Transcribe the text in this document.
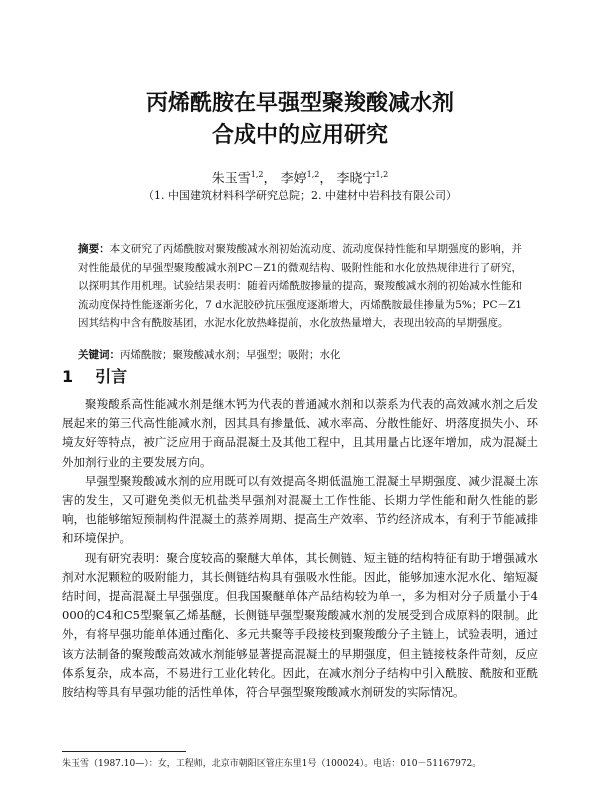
丙烯酰胺在早强型聚羧酸减水剂
合成中的应用研究
朱玉雪$^{1,2}$， 李婷$^{1,2}$， 李晓宁$^{1,2}$
（1. 中国建筑材料科学研究总院；2. 中建材中岩科技有限公司）
摘要：本文研究了丙烯酰胺对聚羧酸减水剂初始流动度、流动度保持性能和早期强度的影响，并对性能最优的早强型聚羧酸减水剂PC－Z1的微观结构、吸附性能和水化放热规律进行了研究，以探明其作用机理。试验结果表明：随着丙烯酰胺掺量的提高，聚羧酸减水剂的初始减水性能和流动度保持性能逐渐劣化，7 d水泥胶砂抗压强度逐渐增大，丙烯酰胺最佳掺量为5%；PC－Z1因其结构中含有酰胺基团，水泥水化放热峰提前，水化放热量增大，表现出较高的早期强度。
关键词：丙烯酰胺；聚羧酸减水剂；早强型；吸附；水化
1 引言

聚羧酸系高性能减水剂是继木钙为代表的普通减水剂和以萘系为代表的高效减水剂之后发展起来的第三代高性能减水剂，因其具有掺量低、减水率高、分散性能好、坍落度损失小、环境友好等特点，被广泛应用于商品混凝土及其他工程中，且其用量占比逐年增加，成为混凝土外加剂行业的主要发展方向。

早强型聚羧酸减水剂的应用既可以有效提高冬期低温施工混凝土早期强度、减少混凝土冻害的发生，又可避免类似无机盐类早强剂对混凝土工作性能、长期力学性能和耐久性能的影响，也能够缩短预制构件混凝土的蒸养周期、提高生产效率、节约经济成本，有利于节能减排和环境保护。

现有研究表明：聚合度较高的聚醚大单体，其长侧链、短主链的结构特征有助于增强减水剂对水泥颗粒的吸附能力，其长侧链结构具有强吸水性能。因此，能够加速水泥水化、缩短凝结时间，提高混凝土早强强度。但我国聚醚单体产品结构较为单一，多为相对分子质量小于4 000的C4和C5型聚氧乙烯基醚，长侧链早强型聚羧酸减水剂的发展受到合成原料的限制。此外，有将早强功能单体通过酯化、多元共聚等手段接枝到聚羧酸分子主链上，试验表明，通过该方法制备的聚羧酸高效减水剂能够显著提高混凝土的早期强度，但主链接枝条件苛刻，反应体系复杂，成本高，不易进行工业化转化。因此，在减水剂分子结构中引入酰胺、酰胺和亚酰胺结构等具有早强功能的活性单体，符合早强型聚羧酸减水剂研发的实际情况。

朱玉雪（1987.10—）：女，工程师，北京市朝阳区管庄东里1号（100024）。电话：010－51167972。
